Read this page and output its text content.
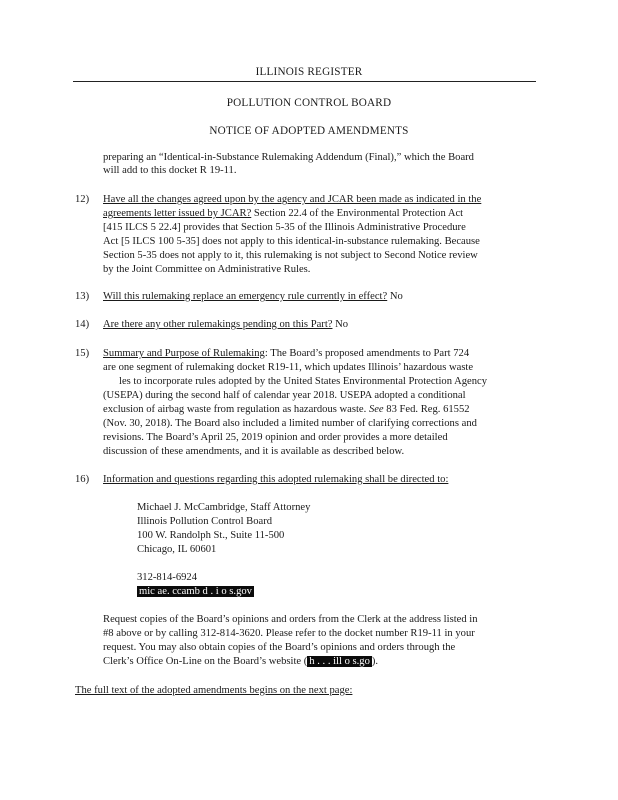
ILLINOIS REGISTER
POLLUTION CONTROL BOARD
NOTICE OF ADOPTED AMENDMENTS
preparing an “Identical-in-Substance Rulemaking Addendum (Final),” which the Board
will add to this docket R 19-11.
12) Have all the changes agreed upon by the agency and JCAR been made as indicated in the
agreements letter issued by JCAR? Section 22.4 of the Environmental Protection Act
[415 ILCS 5 22.4] provides that Section 5-35 of the Illinois Administrative Procedure
Act [5 ILCS 100 5-35] does not apply to this identical-in-substance rulemaking. Because
Section 5-35 does not apply to it, this rulemaking is not subject to Second Notice review
by the Joint Committee on Administrative Rules.
13) Will this rulemaking replace an emergency rule currently in effect? No
14) Are there any other rulemakings pending on this Part? No
15) Summary and Purpose of Rulemaking: The Board’s proposed amendments to Part 724
are one segment of rulemaking docket R19-11, which updates Illinois’ hazardous waste
les to incorporate rules adopted by the United States Environmental Protection Agency
(USEPA) during the second half of calendar year 2018. USEPA adopted a conditional
exclusion of airbag waste from regulation as hazardous waste. See 83 Fed. Reg. 61552
(Nov. 30, 2018). The Board also included a limited number of clarifying corrections and
revisions. The Board’s April 25, 2019 opinion and order provides a more detailed
discussion of these amendments, and it is available as described below.
16) Information and questions regarding this adopted rulemaking shall be directed to:
Michael J. McCambridge, Staff Attorney
Illinois Pollution Control Board
100 W. Randolph St., Suite 11-500
Chicago, IL 60601
312-814-6924
mic ae. ccamb d . i o s.gov
Request copies of the Board’s opinions and orders from the Clerk at the address listed in
#8 above or by calling 312-814-3620. Please refer to the docket number R19-11 in your
request. You may also obtain copies of the Board’s opinions and orders through the
Clerk’s Office On-Line on the Board’s website ( h . . . ill o s.go ).
The full text of the adopted amendments begins on the next page:
